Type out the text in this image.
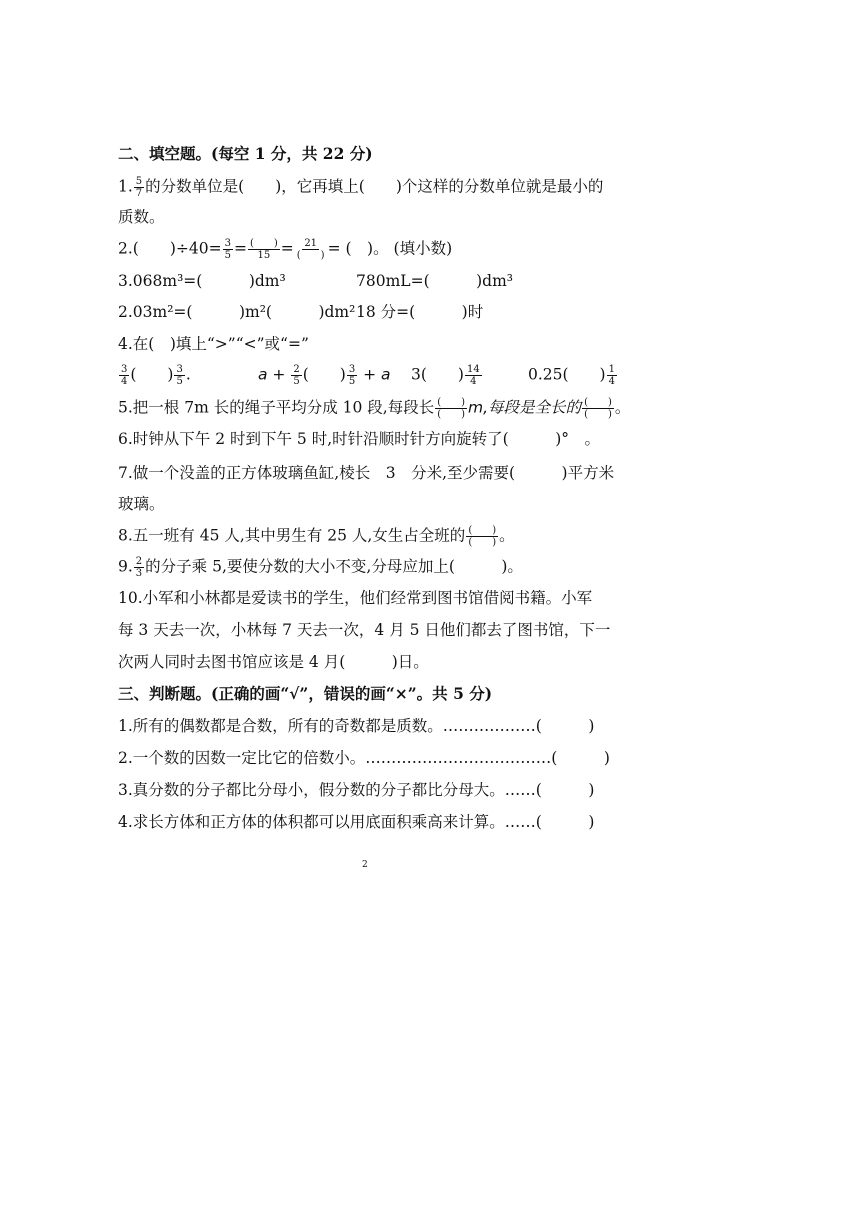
二、填空题。(每空 1 分，共 22 分)
1. $\frac{5}{7}$ 的分数单位是(　　)，它再填上(　　)个这样的分数单位就是最小的
质数。
2.(　　)$\div 40= \frac{3}{5} = \frac{( )}{15} = \frac{21}{( )}$ = (　)。 (填小数)
3.068m³=(　　　)dm³	780mL=(　　　)dm³
2.03m²=(　　　)m²(　　　)dm²18 分=(　　　)时
4.在(　)填上“>”“<”或“=”
$\frac{3}{4}$ (　　) $\frac{3}{5}$ .	$a + \frac{2}{5}$ (　　) $\frac{3}{5} + a$ 3(　　) $\frac{14}{4}$	0.25(　　) $\frac{1}{4}$
5.把一根 7m 长的绳子平均分成 10 段,每段长 $\frac{( )}{( )} m$,每段是全长的 $\frac{( )}{( )}$ 。
6.时钟从下午 2 时到下午 5 时,时针沿顺时针方向旋转了(　　　)°　。
7.做一个没盖的正方体玻璃鱼缸,棱长　3　分米,至少需要(　　　)平方米
玻璃。
8.五一班有 45 人,其中男生有 25 人,女生占全班的 $\frac{( )}{( )}$ 。
9. $\frac{2}{3}$ 的分子乘 5,要使分数的大小不变,分母应加上(　　　)。
10.小军和小林都是爱读书的学生，他们经常到图书馆借阅书籍。小军
每 3 天去一次，小林每 7 天去一次，4 月 5 日他们都去了图书馆，下一
次两人同时去图书馆应该是 4 月(　　　)日。
三、判断题。(正确的画“√”，错误的画“×”。共 5 分)
1.所有的偶数都是合数，所有的奇数都是质数。………………(　　　)
2.一个数的因数一定比它的倍数小。………………………………(　　　)
3.真分数的分子都比分母小，假分数的分子都比分母大。……(　　　)
4.求长方体和正方体的体积都可以用底面积乘高来计算。……(　　　)
2
